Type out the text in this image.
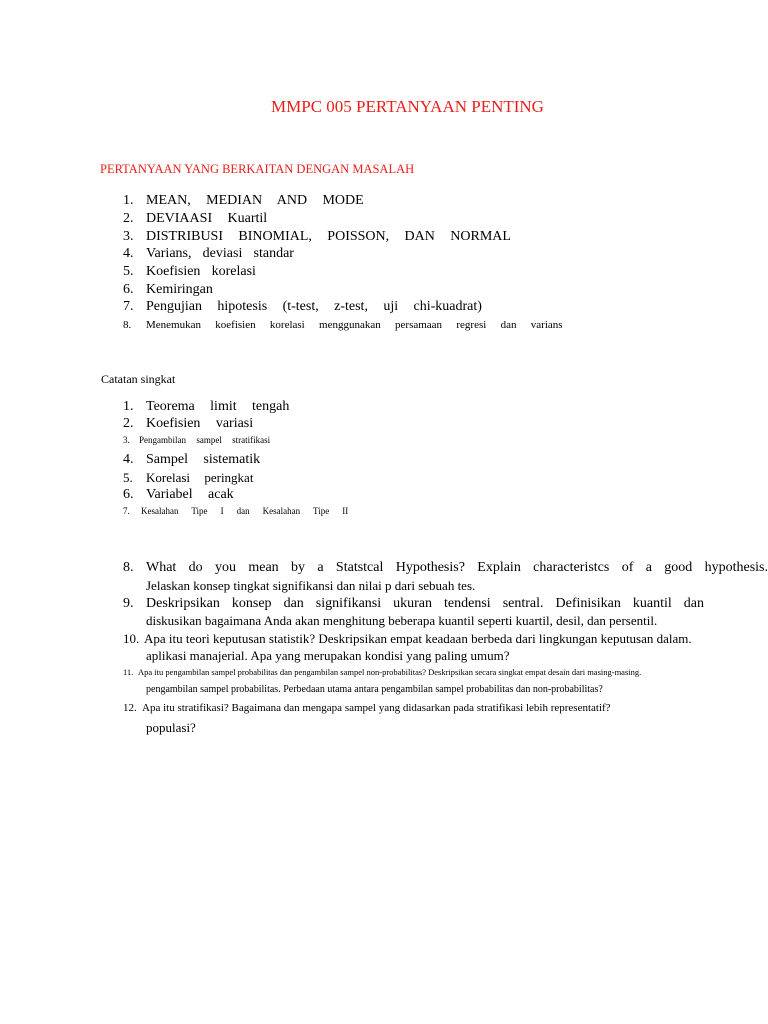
MMPC 005 PERTANYAAN PENTING
PERTANYAAN YANG BERKAITAN DENGAN MASALAH
1. MEAN, MEDIAN AND MODE
2. DEVIAASI Kuartil
3. DISTRIBUSI BINOMIAL, POISSON, DAN NORMAL
4. Varians, deviasi standar
5. Koefisien korelasi
6. Kemiringan
7. Pengujian hipotesis (t-test, z-test, uji chi-kuadrat)
8. Menemukan koefisien korelasi menggunakan persamaan regresi dan varians
Catatan singkat
1. Teorema limit tengah
2. Koefisien variasi
3. Pengambilan sampel stratifikasi
4. Sampel sistematik
5. Korelasi peringkat
6. Variabel acak
7. Kesalahan Tipe I dan Kesalahan Tipe II
8. What do you mean by a Statstcal Hypothesis? Explain characteristcs of a good hypothesis.
Jelaskan konsep tingkat signifikansi dan nilai p dari sebuah tes.
9. Deskripsikan konsep dan signifikansi ukuran tendensi sentral. Definisikan kuantil dan
diskusikan bagaimana Anda akan menghitung beberapa kuantil seperti kuartil, desil, dan persentil.
10. Apa itu teori keputusan statistik? Deskripsikan empat keadaan berbeda dari lingkungan keputusan dalam.
aplikasi manajerial. Apa yang merupakan kondisi yang paling umum?
11. Apa itu pengambilan sampel probabilitas dan pengambilan sampel non-probabilitas? Deskripsikan secara singkat empat desain dari masing-masing.
pengambilan sampel probabilitas. Perbedaan utama antara pengambilan sampel probabilitas dan non-probabilitas?
12. Apa itu stratifikasi? Bagaimana dan mengapa sampel yang didasarkan pada stratifikasi lebih representatif?
populasi?
